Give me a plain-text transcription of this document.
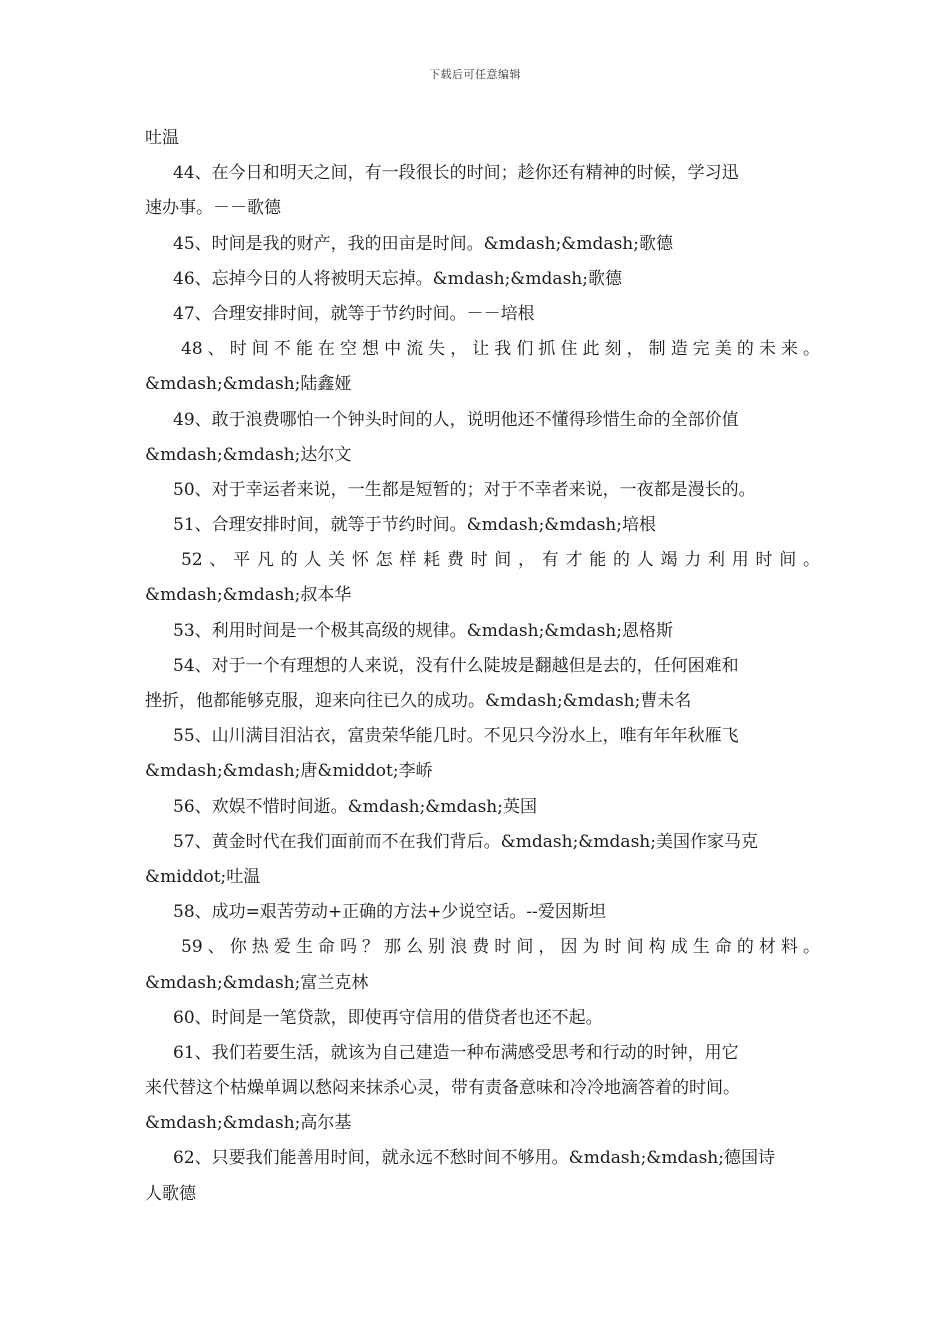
下载后可任意编辑
吐温
44、在今日和明天之间，有一段很长的时间；趁你还有精神的时候，学习迅
速办事。－－歌德
45、时间是我的财产，我的田亩是时间。&mdash;&mdash;歌德
46、忘掉今日的人将被明天忘掉。&mdash;&mdash;歌德
47、合理安排时间，就等于节约时间。－－培根
48、时间不能在空想中流失，让我们抓住此刻，制造完美的未来。
&mdash;&mdash;陆鑫娅
49、敢于浪费哪怕一个钟头时间的人，说明他还不懂得珍惜生命的全部价值
&mdash;&mdash;达尔文
50、对于幸运者来说，一生都是短暂的；对于不幸者来说，一夜都是漫长的。
51、合理安排时间，就等于节约时间。&mdash;&mdash;培根
52、平凡的人关怀怎样耗费时间，有才能的人竭力利用时间。
&mdash;&mdash;叔本华
53、利用时间是一个极其高级的规律。&mdash;&mdash;恩格斯
54、对于一个有理想的人来说，没有什么陡坡是翻越但是去的，任何困难和
挫折，他都能够克服，迎来向往已久的成功。&mdash;&mdash;曹未名
55、山川满目泪沾衣，富贵荣华能几时。不见只今汾水上，唯有年年秋雁飞
&mdash;&mdash;唐&middot;李峤
56、欢娱不惜时间逝。&mdash;&mdash;英国
57、黄金时代在我们面前而不在我们背后。&mdash;&mdash;美国作家马克
&middot;吐温
58、成功=艰苦劳动+正确的方法+少说空话。--爱因斯坦
59、你热爱生命吗？那么别浪费时间，因为时间构成生命的材料。
&mdash;&mdash;富兰克林
60、时间是一笔贷款，即使再守信用的借贷者也还不起。
61、我们若要生活，就该为自己建造一种布满感受思考和行动的时钟，用它
来代替这个枯燥单调以愁闷来抹杀心灵，带有责备意味和冷冷地滴答着的时间。
&mdash;&mdash;高尔基
62、只要我们能善用时间，就永远不愁时间不够用。&mdash;&mdash;德国诗
人歌德
